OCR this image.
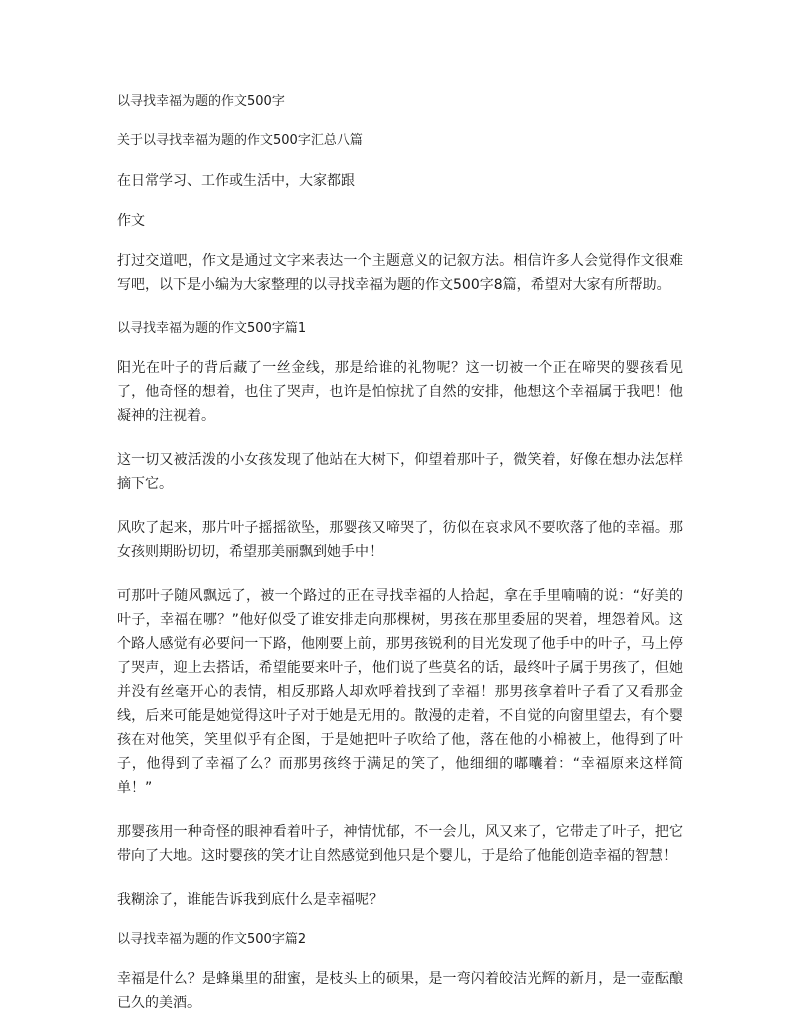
以寻找幸福为题的作文500字

关于以寻找幸福为题的作文500字汇总八篇

在日常学习、工作或生活中，大家都跟

作文

打过交道吧，作文是通过文字来表达一个主题意义的记叙方法。相信许多人会觉得作文很难写吧，以下是小编为大家整理的以寻找幸福为题的作文500字8篇，希望对大家有所帮助。

以寻找幸福为题的作文500字篇1

阳光在叶子的背后藏了一丝金线，那是给谁的礼物呢？这一切被一个正在啼哭的婴孩看见了，他奇怪的想着，也住了哭声，也许是怕惊扰了自然的安排，他想这个幸福属于我吧！他凝神的注视着。

这一切又被活泼的小女孩发现了他站在大树下，仰望着那叶子，微笑着，好像在想办法怎样摘下它。

风吹了起来，那片叶子摇摇欲坠，那婴孩又啼哭了，彷似在哀求风不要吹落了他的幸福。那女孩则期盼切切，希望那美丽飘到她手中！

可那叶子随风飘远了，被一个路过的正在寻找幸福的人拾起，拿在手里喃喃的说：“好美的叶子，幸福在哪？”他好似受了谁安排走向那棵树，男孩在那里委屈的哭着，埋怨着风。这个路人感觉有必要问一下路，他刚要上前，那男孩锐利的目光发现了他手中的叶子，马上停了哭声，迎上去搭话，希望能要来叶子，他们说了些莫名的话，最终叶子属于男孩了，但她并没有丝毫开心的表情，相反那路人却欢呼着找到了幸福！那男孩拿着叶子看了又看那金线，后来可能是她觉得这叶子对于她是无用的。散漫的走着，不自觉的向窗里望去，有个婴孩在对他笑，笑里似乎有企图，于是她把叶子吹给了他，落在他的小棉被上，他得到了叶子，他得到了幸福了么？而那男孩终于满足的笑了，他细细的嘟囔着：“幸福原来这样简单！”

那婴孩用一种奇怪的眼神看着叶子，神情忧郁，不一会儿，风又来了，它带走了叶子，把它带向了大地。这时婴孩的笑才让自然感觉到他只是个婴儿，于是给了他能创造幸福的智慧！

我糊涂了，谁能告诉我到底什么是幸福呢？

以寻找幸福为题的作文500字篇2

幸福是什么？是蜂巢里的甜蜜，是枝头上的硕果，是一弯闪着皎洁光辉的新月，是一壶酝酿已久的美酒。
